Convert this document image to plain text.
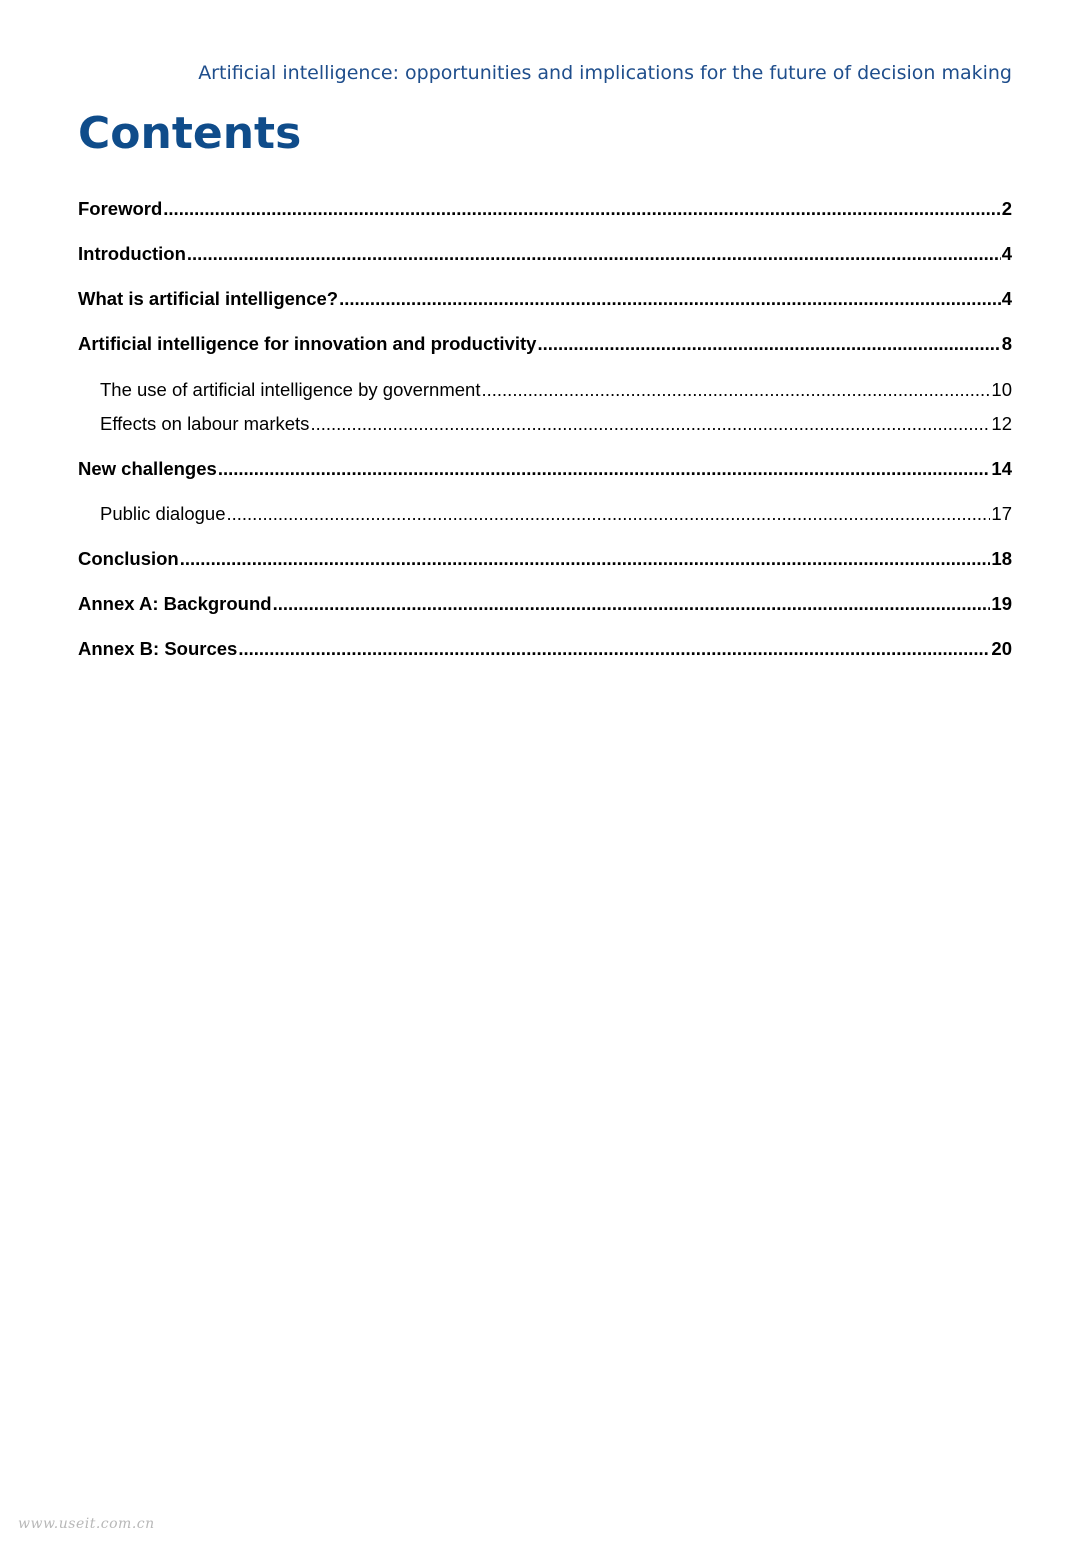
Artificial intelligence: opportunities and implications for the future of decision making
Contents
Foreword .....	2
Introduction .....	4
What is artificial intelligence? .....	4
Artificial intelligence for innovation and productivity .....	8
The use of artificial intelligence by government .....	10
Effects on labour markets .....	12
New challenges .....	14
Public dialogue .....	17
Conclusion .....	18
Annex A: Background .....	19
Annex B: Sources .....	20
www.useit.com.cn
